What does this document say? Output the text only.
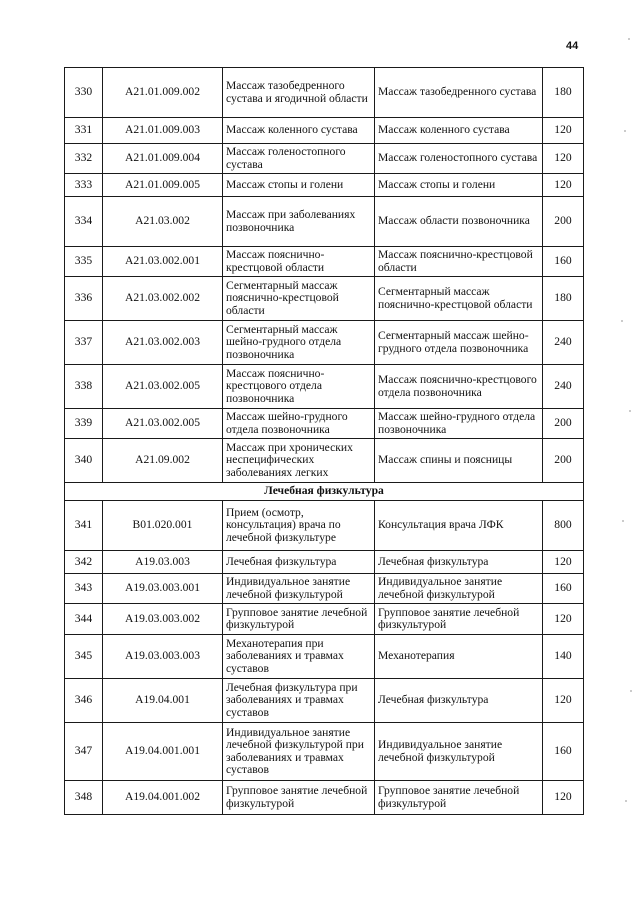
44
330	A21.01.009.002	Массаж тазобедренного сустава и ягодичной области	Массаж тазобедренного сустава	180
331	A21.01.009.003	Массаж коленного сустава	Массаж коленного сустава	120
332	A21.01.009.004	Массаж голеностопного сустава	Массаж голеностопного сустава	120
333	A21.01.009.005	Массаж стопы и голени	Массаж стопы и голени	120
334	A21.03.002	Массаж при заболеваниях позвоночника	Массаж области позвоночника	200
335	A21.03.002.001	Массаж пояснично-крестцовой области	Массаж пояснично-крестцовой области	160
336	A21.03.002.002	Сегментарный массаж пояснично-крестцовой области	Сегментарный массаж пояснично-крестцовой области	180
337	A21.03.002.003	Сегментарный массаж шейно-грудного отдела позвоночника	Сегментарный массаж шейно-грудного отдела позвоночника	240
338	A21.03.002.005	Массаж пояснично-крестцового отдела позвоночника	Массаж пояснично-крестцового отдела позвоночника	240
339	A21.03.002.005	Массаж шейно-грудного отдела позвоночника	Массаж шейно-грудного отдела позвоночника	200
340	A21.09.002	Массаж при хронических неспецифических заболеваниях легких	Массаж спины и поясницы	200
Лечебная физкультура				
341	B01.020.001	Прием (осмотр, консультация) врача по лечебной физкультуре	Консультация врача ЛФК	800
342	A19.03.003	Лечебная физкультура	Лечебная физкультура	120
343	A19.03.003.001	Индивидуальное занятие лечебной физкультурой	Индивидуальное занятие лечебной физкультурой	160
344	A19.03.003.002	Групповое занятие лечебной физкультурой	Групповое занятие лечебной физкультурой	120
345	A19.03.003.003	Механотерапия при заболеваниях и травмах суставов	Механотерапия	140
346	A19.04.001	Лечебная физкультура при заболеваниях и травмах суставов	Лечебная физкультура	120
347	A19.04.001.001	Индивидуальное занятие лечебной физкультурой при заболеваниях и травмах суставов	Индивидуальное занятие лечебной физкультурой	160
348	A19.04.001.002	Групповое занятие лечебной физкультурой	Групповое занятие лечебной физкультурой	120
